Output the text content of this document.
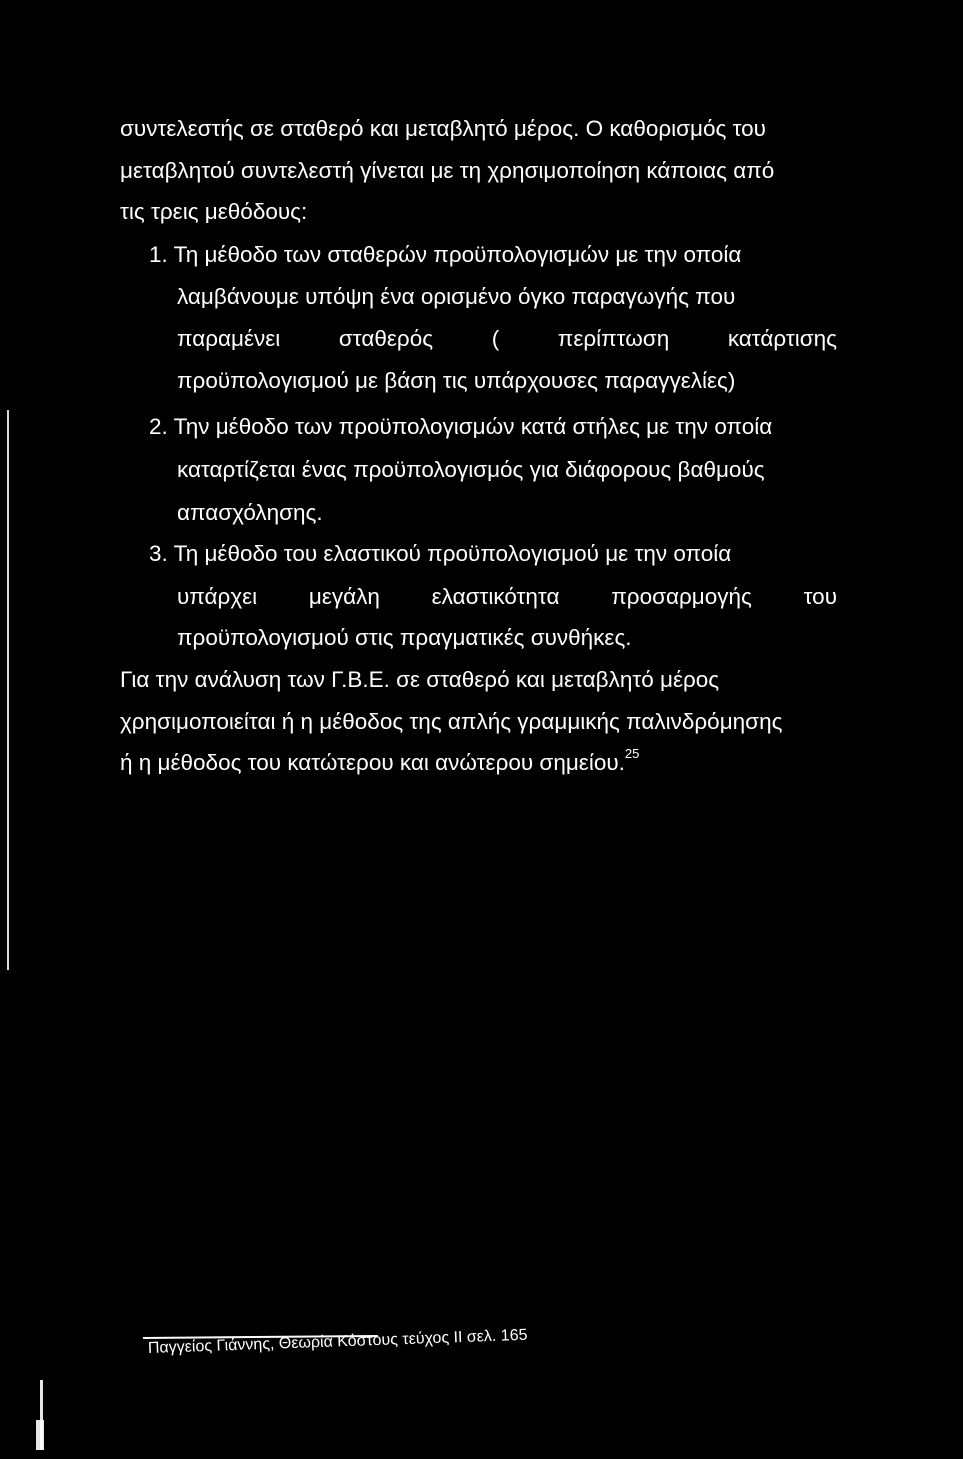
συντελεστής σε σταθερό και μεταβλητό μέρος. Ο καθορισμός του
μεταβλητού συντελεστή γίνεται με τη χρησιμοποίηση κάποιας από
τις τρεις μεθόδους:
1. Τη μέθοδο των σταθερών προϋπολογισμών με την οποία
λαμβάνουμε υπόψη ένα ορισμένο όγκο παραγωγής που
παραμένει	σταθερός	(	περίπτωση	κατάρτισης
προϋπολογισμού με βάση τις υπάρχουσες παραγγελίες)
2. Την μέθοδο των προϋπολογισμών κατά στήλες με την οποία
καταρτίζεται ένας προϋπολογισμός για διάφορους βαθμούς
απασχόλησης.
3. Τη μέθοδο του ελαστικού προϋπολογισμού με την οποία
υπάρχει μεγάλη ελαστικότητα προσαρμογής του
προϋπολογισμού στις πραγματικές συνθήκες.
Για την ανάλυση των Γ.Β.Ε. σε σταθερό και μεταβλητό μέρος
χρησιμοποιείται ή η μέθοδος της απλής γραμμικής παλινδρόμησης
ή η μέθοδος του κατώτερου και ανώτερου σημείου.$^{25}$
Παγγείος Γιάννης, Θεωρία Κόστους τεύχος ΙΙ σελ. 165
